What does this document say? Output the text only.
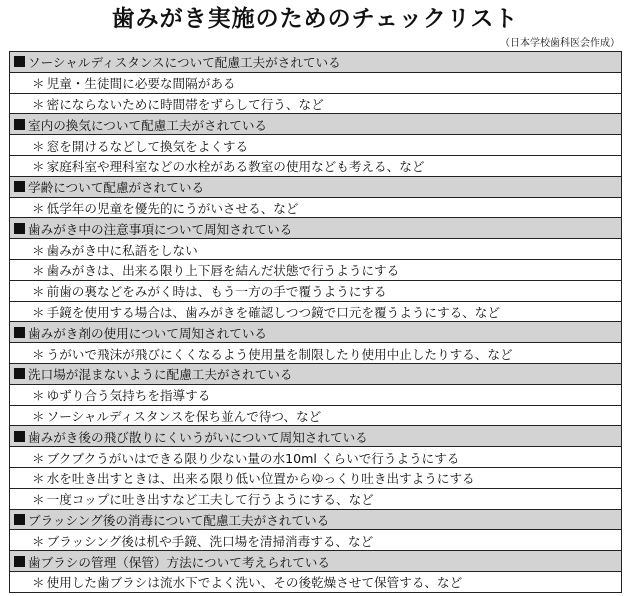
歯みがき実施のためのチェックリスト
（日本学校歯科医会作成）
ソーシャルディスタンスについて配慮工夫がされている
＊ 児童・生徒間に必要な間隔がある
＊ 密にならないために時間帯をずらして行う、など
室内の換気について配慮工夫がされている
＊ 窓を開けるなどして換気をよくする
＊ 家庭科室や理科室などの水栓がある教室の使用なども考える、など
学齢について配慮がされている
＊ 低学年の児童を優先的にうがいさせる、など
歯みがき中の注意事項について周知されている
＊ 歯みがき中に私語をしない
＊ 歯みがきは、出来る限り上下唇を結んだ状態で行うようにする
＊ 前歯の裏などをみがく時は、もう一方の手で覆うようにする
＊ 手鏡を使用する場合は、歯みがきを確認しつつ鏡で口元を覆うようにする、など
歯みがき剤の使用について周知されている
＊ うがいで飛沫が飛びにくくなるよう使用量を制限したり使用中止したりする、など
洗口場が混まないように配慮工夫がされている
＊ ゆずり合う気持ちを指導する
＊ ソーシャルディスタンスを保ち並んで待つ、など
歯みがき後の飛び散りにくいうがいについて周知されている
＊ ブクブクうがいはできる限り少ない量の水10ml くらいで行うようにする
＊ 水を吐き出すときは、出来る限り低い位置からゆっくり吐き出すようにする
＊ 一度コップに吐き出すなど工夫して行うようにする、など
ブラッシング後の消毒について配慮工夫がされている
＊ ブラッシング後は机や手鏡、洗口場を清掃消毒する、など
歯ブラシの管理（保管）方法について考えられている
＊ 使用した歯ブラシは流水下でよく洗い、その後乾燥させて保管する、など
